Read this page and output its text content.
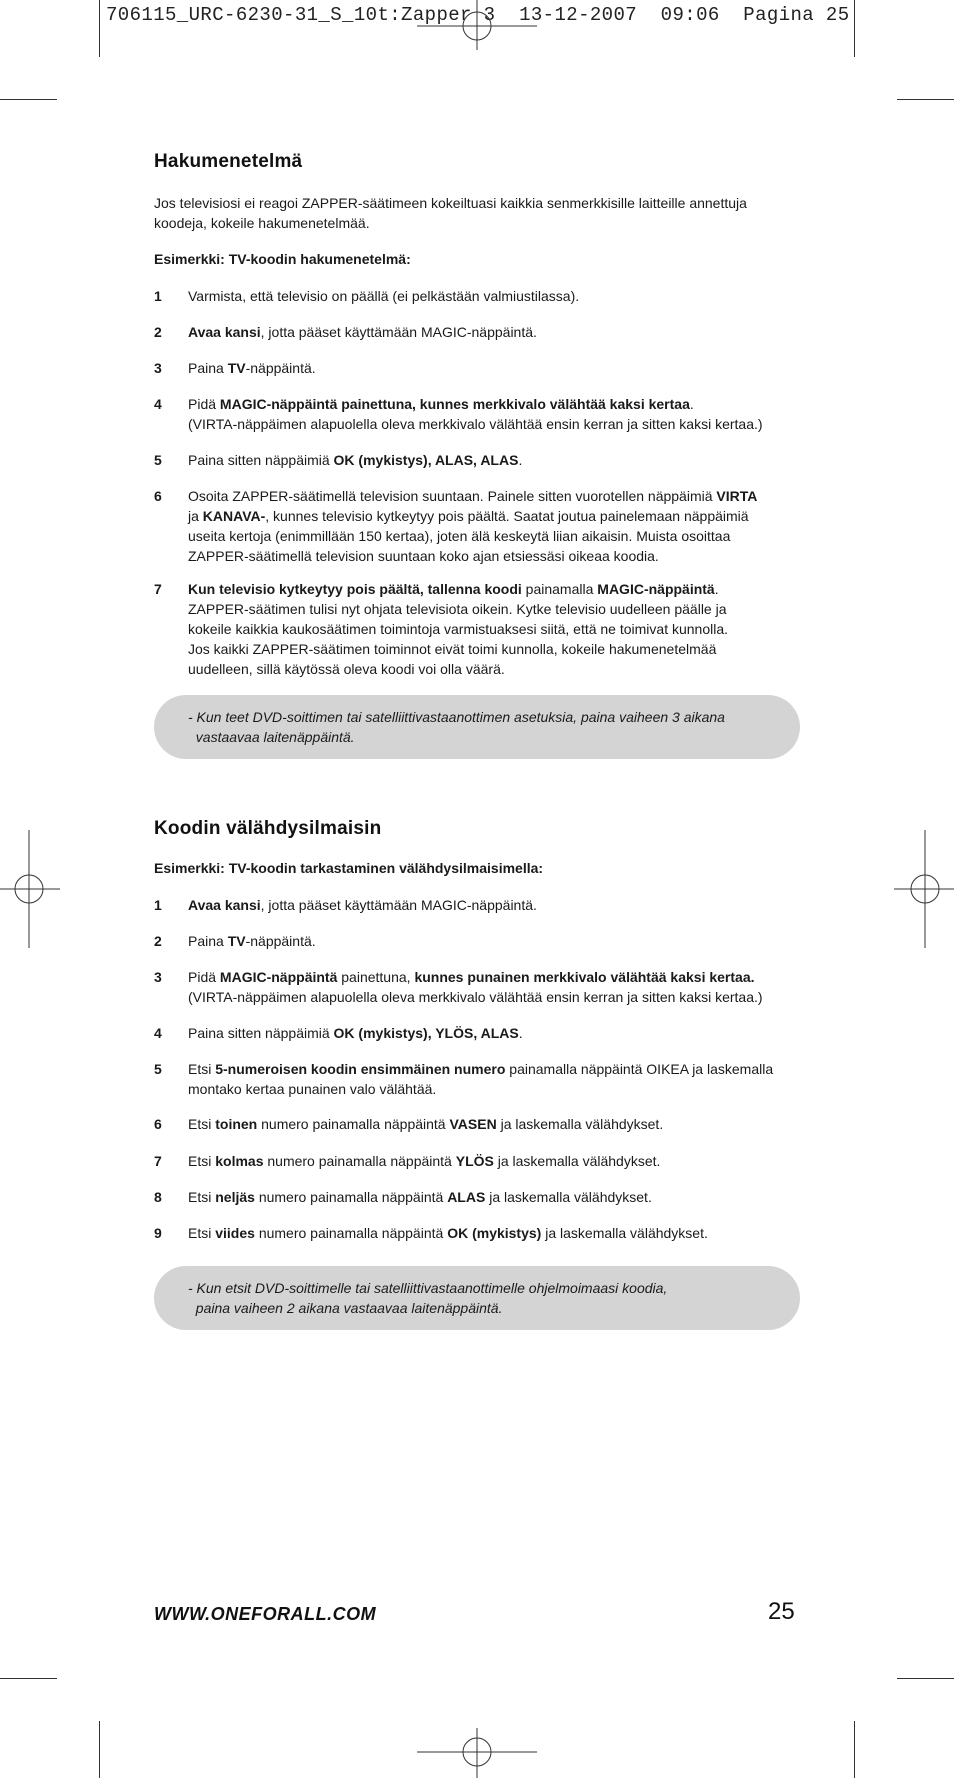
706115_URC-6230-31_S_10t:Zapper 3  13-12-2007  09:06  Pagina 25
Hakumenetelmä

Jos televisiosi ei reagoi ZAPPER-säätimeen kokeiltuasi kaikkia senmerkkisille laitteille annettuja koodeja, kokeile hakumenetelmää.

Esimerkki: TV-koodin hakumenetelmä:

1 Varmista, että televisio on päällä (ei pelkästään valmiustilassa).
2 Avaa kansi, jotta pääset käyttämään MAGIC-näppäintä.
3 Paina TV-näppäintä.
4 Pidä MAGIC-näppäintä painettuna, kunnes merkkivalo välähtää kaksi kertaa.
(VIRTA-näppäimen alapuolella oleva merkkivalo välähtää ensin kerran ja sitten kaksi kertaa.)
5 Paina sitten näppäimiä OK (mykistys), ALAS, ALAS.
6 Osoita ZAPPER-säätimellä television suuntaan. Painele sitten vuorotellen näppäimiä VIRTA
ja KANAVA-, kunnes televisio kytkeytyy pois päältä. Saatat joutua painelemaan näppäimiä
useita kertoja (enimmillään 150 kertaa), joten älä keskeytä liian aikaisin. Muista osoittaa
ZAPPER-säätimellä television suuntaan koko ajan etsiessäsi oikeaa koodia.
7 Kun televisio kytkeytyy pois päältä, tallenna koodi painamalla MAGIC-näppäintä.
ZAPPER-säätimen tulisi nyt ohjata televisiota oikein. Kytke televisio uudelleen päälle ja
kokeile kaikkia kaukosäätimen toimintoja varmistuaksesi siitä, että ne toimivat kunnolla.
Jos kaikki ZAPPER-säätimen toiminnot eivät toimi kunnolla, kokeile hakumenetelmää
uudelleen, sillä käytössä oleva koodi voi olla väärä.
- Kun teet DVD-soittimen tai satelliittivastaanottimen asetuksia, paina vaiheen 3 aikana
vastaavaa laitenäppäintä.
Koodin välähdysilmaisin

Esimerkki: TV-koodin tarkastaminen välähdysilmaisimella:

1 Avaa kansi, jotta pääset käyttämään MAGIC-näppäintä.
2 Paina TV-näppäintä.
3 Pidä MAGIC-näppäintä painettuna, kunnes punainen merkkivalo välähtää kaksi kertaa.
(VIRTA-näppäimen alapuolella oleva merkkivalo välähtää ensin kerran ja sitten kaksi kertaa.)
4 Paina sitten näppäimiä OK (mykistys), YLÖS, ALAS.
5 Etsi 5-numeroisen koodin ensimmäinen numero painamalla näppäintä OIKEA ja laskemalla
montako kertaa punainen valo välähtää.
6 Etsi toinen numero painamalla näppäintä VASEN ja laskemalla välähdykset.
7 Etsi kolmas numero painamalla näppäintä YLÖS ja laskemalla välähdykset.
8 Etsi neljäs numero painamalla näppäintä ALAS ja laskemalla välähdykset.
9 Etsi viides numero painamalla näppäintä OK (mykistys) ja laskemalla välähdykset.
- Kun etsit DVD-soittimelle tai satelliittivastaanottimelle ohjelmoimaasi koodia,
paina vaiheen 2 aikana vastaavaa laitenäppäintä.
WWW.ONEFORALL.COM	25
